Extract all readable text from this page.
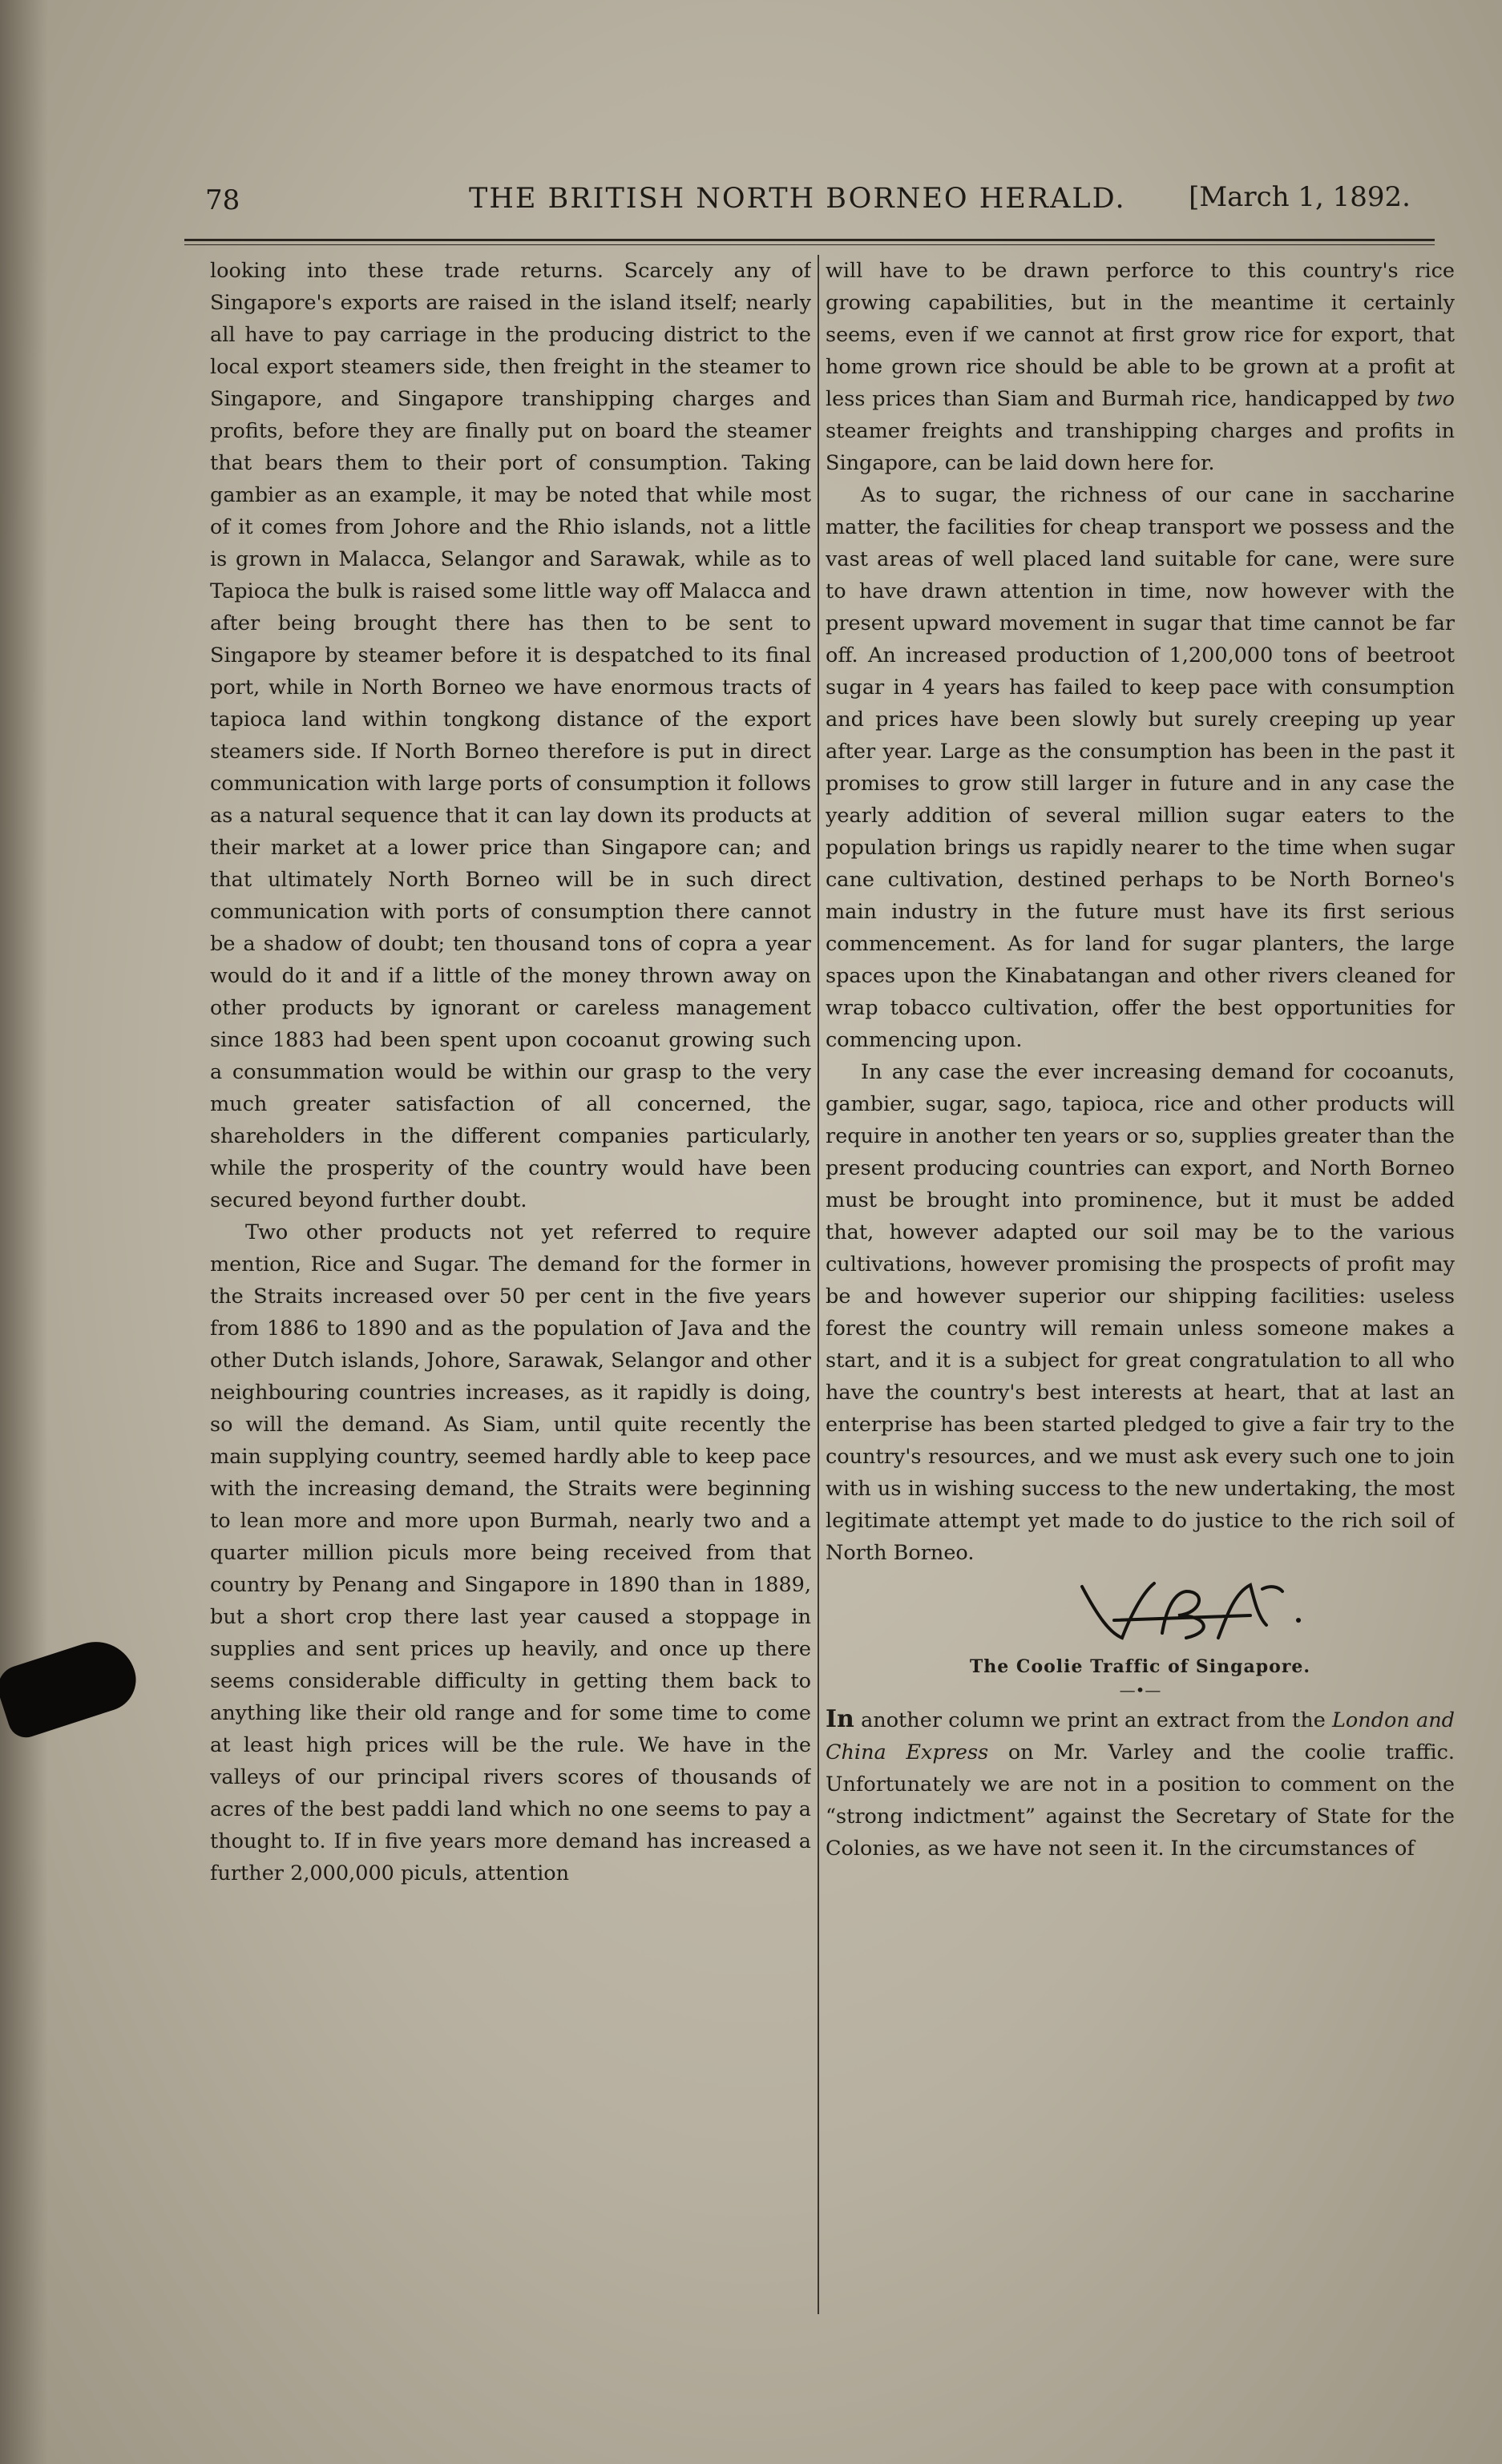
78	THE BRITISH NORTH BORNEO HERALD. [March 1, 1892.

looking into these trade returns. Scarcely any of Singapore's exports are raised in the island itself; nearly all have to pay carriage in the producing district to the local export steamers side, then freight in the steamer to Singapore, and Singapore transhipping charges and profits, before they are finally put on board the steamer that bears them to their port of consumption. Taking gambier as an example, it may be noted that while most of it comes from Johore and the Rhio islands, not a little is grown in Malacca, Selangor and Sarawak, while as to Tapioca the bulk is raised some little way off Malacca and after being brought there has then to be sent to Singapore by steamer before it is despatched to its final port, while in North Borneo we have enormous tracts of tapioca land within tongkong distance of the export steamers side. If North Borneo therefore is put in direct communication with large ports of consumption it follows as a natural sequence that it can lay down its products at their market at a lower price than Singapore can; and that ultimately North Borneo will be in such direct communication with ports of consumption there cannot be a shadow of doubt; ten thousand tons of copra a year would do it and if a little of the money thrown away on other products by ignorant or careless management since 1883 had been spent upon cocoanut growing such a consummation would be within our grasp to the very much greater satisfaction of all concerned, the shareholders in the different companies particularly, while the prosperity of the country would have been secured beyond further doubt.

Two other products not yet referred to require mention, Rice and Sugar. The demand for the former in the Straits increased over 50 per cent in the five years from 1886 to 1890 and as the population of Java and the other Dutch islands, Johore, Sarawak, Selangor and other neighbouring countries increases, as it rapidly is doing, so will the demand. As Siam, until quite recently the main supplying country, seemed hardly able to keep pace with the increasing demand, the Straits were beginning to lean more and more upon Burmah, nearly two and a quarter million piculs more being received from that country by Penang and Singapore in 1890 than in 1889, but a short crop there last year caused a stoppage in supplies and sent prices up heavily, and once up there seems considerable difficulty in getting them back to anything like their old range and for some time to come at least high prices will be the rule. We have in the valleys of our principal rivers scores of thousands of acres of the best paddi land which no one seems to pay a thought to. If in five years more demand has increased a further 2,000,000 piculs, attention

will have to be drawn perforce to this country's rice growing capabilities, but in the meantime it certainly seems, even if we cannot at first grow rice for export, that home grown rice should be able to be grown at a profit at less prices than Siam and Burmah rice, handicapped by two steamer freights and transhipping charges and profits in Singapore, can be laid down here for.

As to sugar, the richness of our cane in saccharine matter, the facilities for cheap transport we possess and the vast areas of well placed land suitable for cane, were sure to have drawn attention in time, now however with the present upward movement in sugar that time cannot be far off. An increased production of 1,200,000 tons of beetroot sugar in 4 years has failed to keep pace with consumption and prices have been slowly but surely creeping up year after year. Large as the consumption has been in the past it promises to grow still larger in future and in any case the yearly addition of several million sugar eaters to the population brings us rapidly nearer to the time when sugar cane cultivation, destined perhaps to be North Borneo's main industry in the future must have its first serious commencement. As for land for sugar planters, the large spaces upon the Kinabatangan and other rivers cleaned for wrap tobacco cultivation, offer the best opportunities for commencing upon.

In any case the ever increasing demand for cocoanuts, gambier, sugar, sago, tapioca, rice and other products will require in another ten years or so, supplies greater than the present producing countries can export, and North Borneo must be brought into prominence, but it must be added that, however adapted our soil may be to the various cultivations, however promising the prospects of profit may be and however superior our shipping facilities: useless forest the country will remain unless someone makes a start, and it is a subject for great congratulation to all who have the country's best interests at heart, that at last an enterprise has been started pledged to give a fair try to the country's resources, and we must ask every such one to join with us in wishing success to the new undertaking, the most legitimate attempt yet made to do justice to the rich soil of North Borneo.

The Coolie Traffic of Singapore.
—•—

In another column we print an extract from the London and China Express on Mr. Varley and the coolie traffic. Unfortunately we are not in a position to comment on the “strong indictment” against the Secretary of State for the Colonies, as we have not seen it. In the circumstances of
